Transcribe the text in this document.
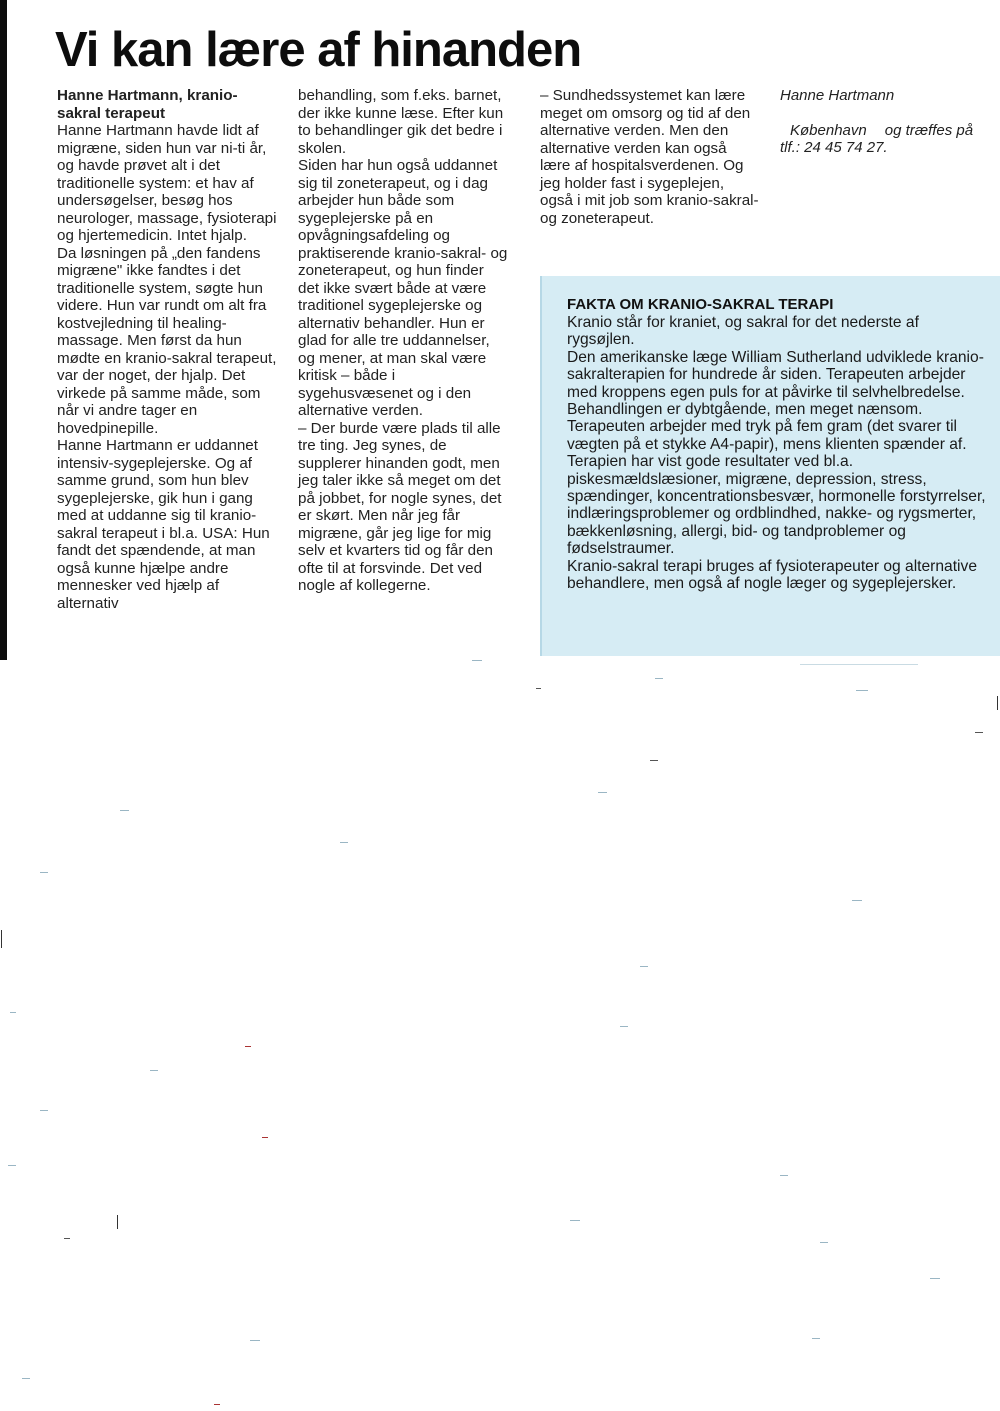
Vi kan lære af hinanden

Hanne Hartmann, kranio-sakral terapeut

Hanne Hartmann havde lidt af migræne, siden hun var ni-ti år, og havde prøvet alt i det traditionelle system: et hav af undersøgelser, besøg hos neurologer, massage, fysioterapi og hjertemedicin. Intet hjalp.

Da løsningen på „den fandens migræne" ikke fandtes i det traditionelle system, søgte hun videre. Hun var rundt om alt fra kostvejledning til healing-massage. Men først da hun mødte en kranio-sakral terapeut, var der noget, der hjalp. Det virkede på samme måde, som når vi andre tager en hovedpinepille.

Hanne Hartmann er uddannet intensiv-sygeplejerske. Og af samme grund, som hun blev sygeplejerske, gik hun i gang med at uddanne sig til kranio-sakral terapeut i bl.a. USA: Hun fandt det spændende, at man også kunne hjælpe andre mennesker ved hjælp af alternativ

behandling, som f.eks. barnet, der ikke kunne læse. Efter kun to behandlinger gik det bedre i skolen.

Siden har hun også uddannet sig til zoneterapeut, og i dag arbejder hun både som sygeplejerske på en opvågningsafdeling og praktiserende kranio-sakral- og zoneterapeut, og hun finder det ikke svært både at være traditionel sygeplejerske og alternativ behandler. Hun er glad for alle tre uddannelser, og mener, at man skal være kritisk – både i sygehusvæsenet og i den alternative verden.

– Der burde være plads til alle tre ting. Jeg synes, de supplerer hinanden godt, men jeg taler ikke så meget om det på jobbet, for nogle synes, det er skørt. Men når jeg får migræne, går jeg lige for mig selv et kvarters tid og får den ofte til at forsvinde. Det ved nogle af kollegerne.

– Sundhedssystemet kan lære meget om omsorg og tid af den alternative verden. Men den alternative verden kan også lære af hospitalsverdenen. Og jeg holder fast i sygeplejen, også i mit job som kranio-sakral- og zoneterapeut.

Hanne Hartmann

København og træffes på

tlf.: 24 45 74 27.

FAKTA OM KRANIO-SAKRAL TERAPI

Kranio står for kraniet, og sakral for det nederste af rygsøjlen.

Den amerikanske læge William Sutherland udviklede kranio-sakralterapien for hundrede år siden. Terapeuten arbejder med kroppens egen puls for at påvirke til selvhelbredelse. Behandlingen er dybtgående, men meget nænsom. Terapeuten arbejder med tryk på fem gram (det svarer til vægten på et stykke A4-papir), mens klienten spænder af.

Terapien har vist gode resultater ved bl.a. piskesmældslæsioner, migræne, depression, stress, spændinger, koncentrationsbesvær, hormonelle forstyrrelser, indlæringsproblemer og ordblindhed, nakke- og rygsmerter, bækkenløsning, allergi, bid- og tandproblemer og fødselstraumer.

Kranio-sakral terapi bruges af fysioterapeuter og alternative behandlere, men også af nogle læger og sygeplejersker.
